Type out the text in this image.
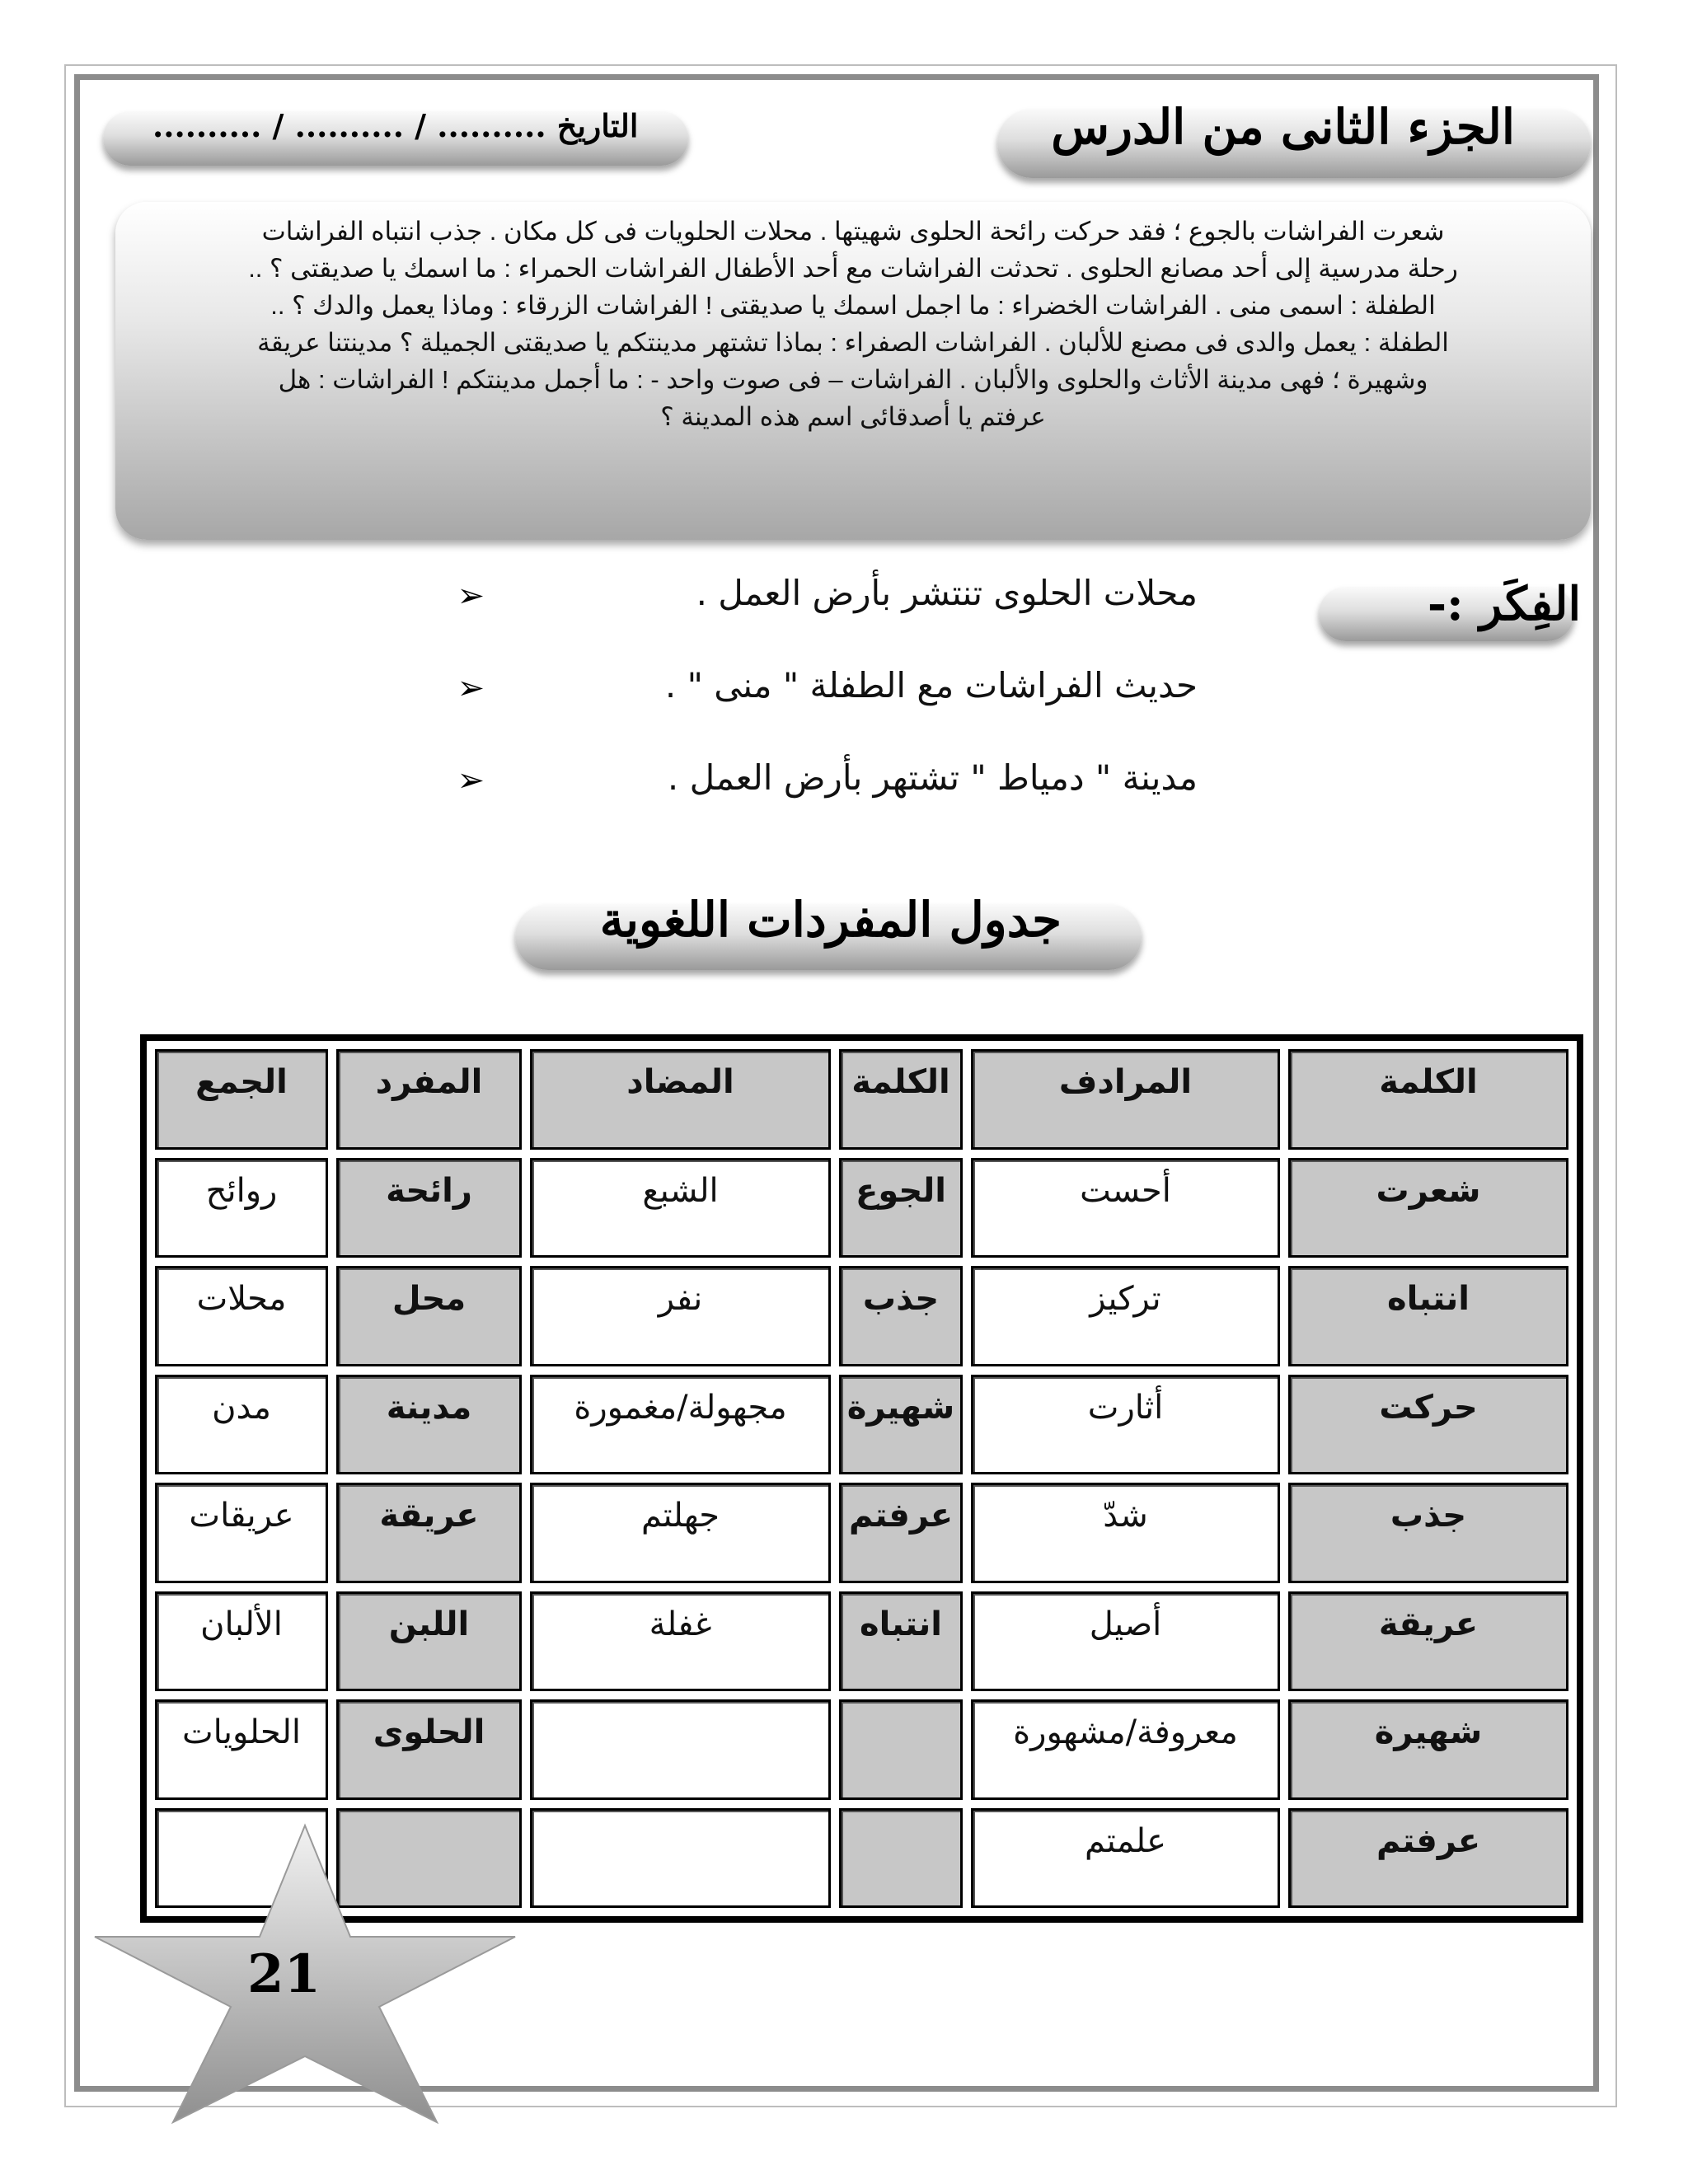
الجزء الثانى من الدرس
التاريخ .......... / .......... / ..........
شعرت الفراشات بالجوع ؛ فقد حركت رائحة الحلوى شهيتها . محلات الحلويات فى كل مكان . جذب انتباه الفراشات
رحلة مدرسية إلى أحد مصانع الحلوى . تحدثت الفراشات مع أحد الأطفال الفراشات الحمراء : ما اسمك يا صديقتى ؟ ..
الطفلة : اسمى منى . الفراشات الخضراء : ما اجمل اسمك يا صديقتى ! الفراشات الزرقاء : وماذا يعمل والدك ؟ ..
الطفلة : يعمل والدى فى مصنع للألبان . الفراشات الصفراء : بماذا تشتهر مدينتكم يا صديقتى الجميلة ؟ مدينتنا عريقة
وشهيرة ؛ فهى مدينة الأثاث والحلوى والألبان . الفراشات – فى صوت واحد - : ما أجمل مدينتكم ! الفراشات : هل
عرفتم يا أصدقائى اسم هذه المدينة ؟
الفِكَر :-
➢
محلات الحلوى تنتشر بأرض العمل .
➢
حديث الفراشات مع الطفلة " منى " .
➢
مدينة " دمياط " تشتهر بأرض العمل .
جدول المفردات اللغوية
الكلمة	المرادف	الكلمة	المضاد	المفرد	الجمع
شعرت	أحست	الجوع	الشبع	رائحة	روائح
انتباه	تركيز	جذب	نفر	محل	محلات
حركت	أثارت	شهيرة	مجهولة/مغمورة	مدينة	مدن
جذب	شدّ	عرفتم	جهلتم	عريقة	عريقات
عريقة	أصيل	انتباه	غفلة	اللبن	الألبان
شهيرة	معروفة/مشهورة			الحلوى	الحلويات
عرفتم	علمتم				
21
